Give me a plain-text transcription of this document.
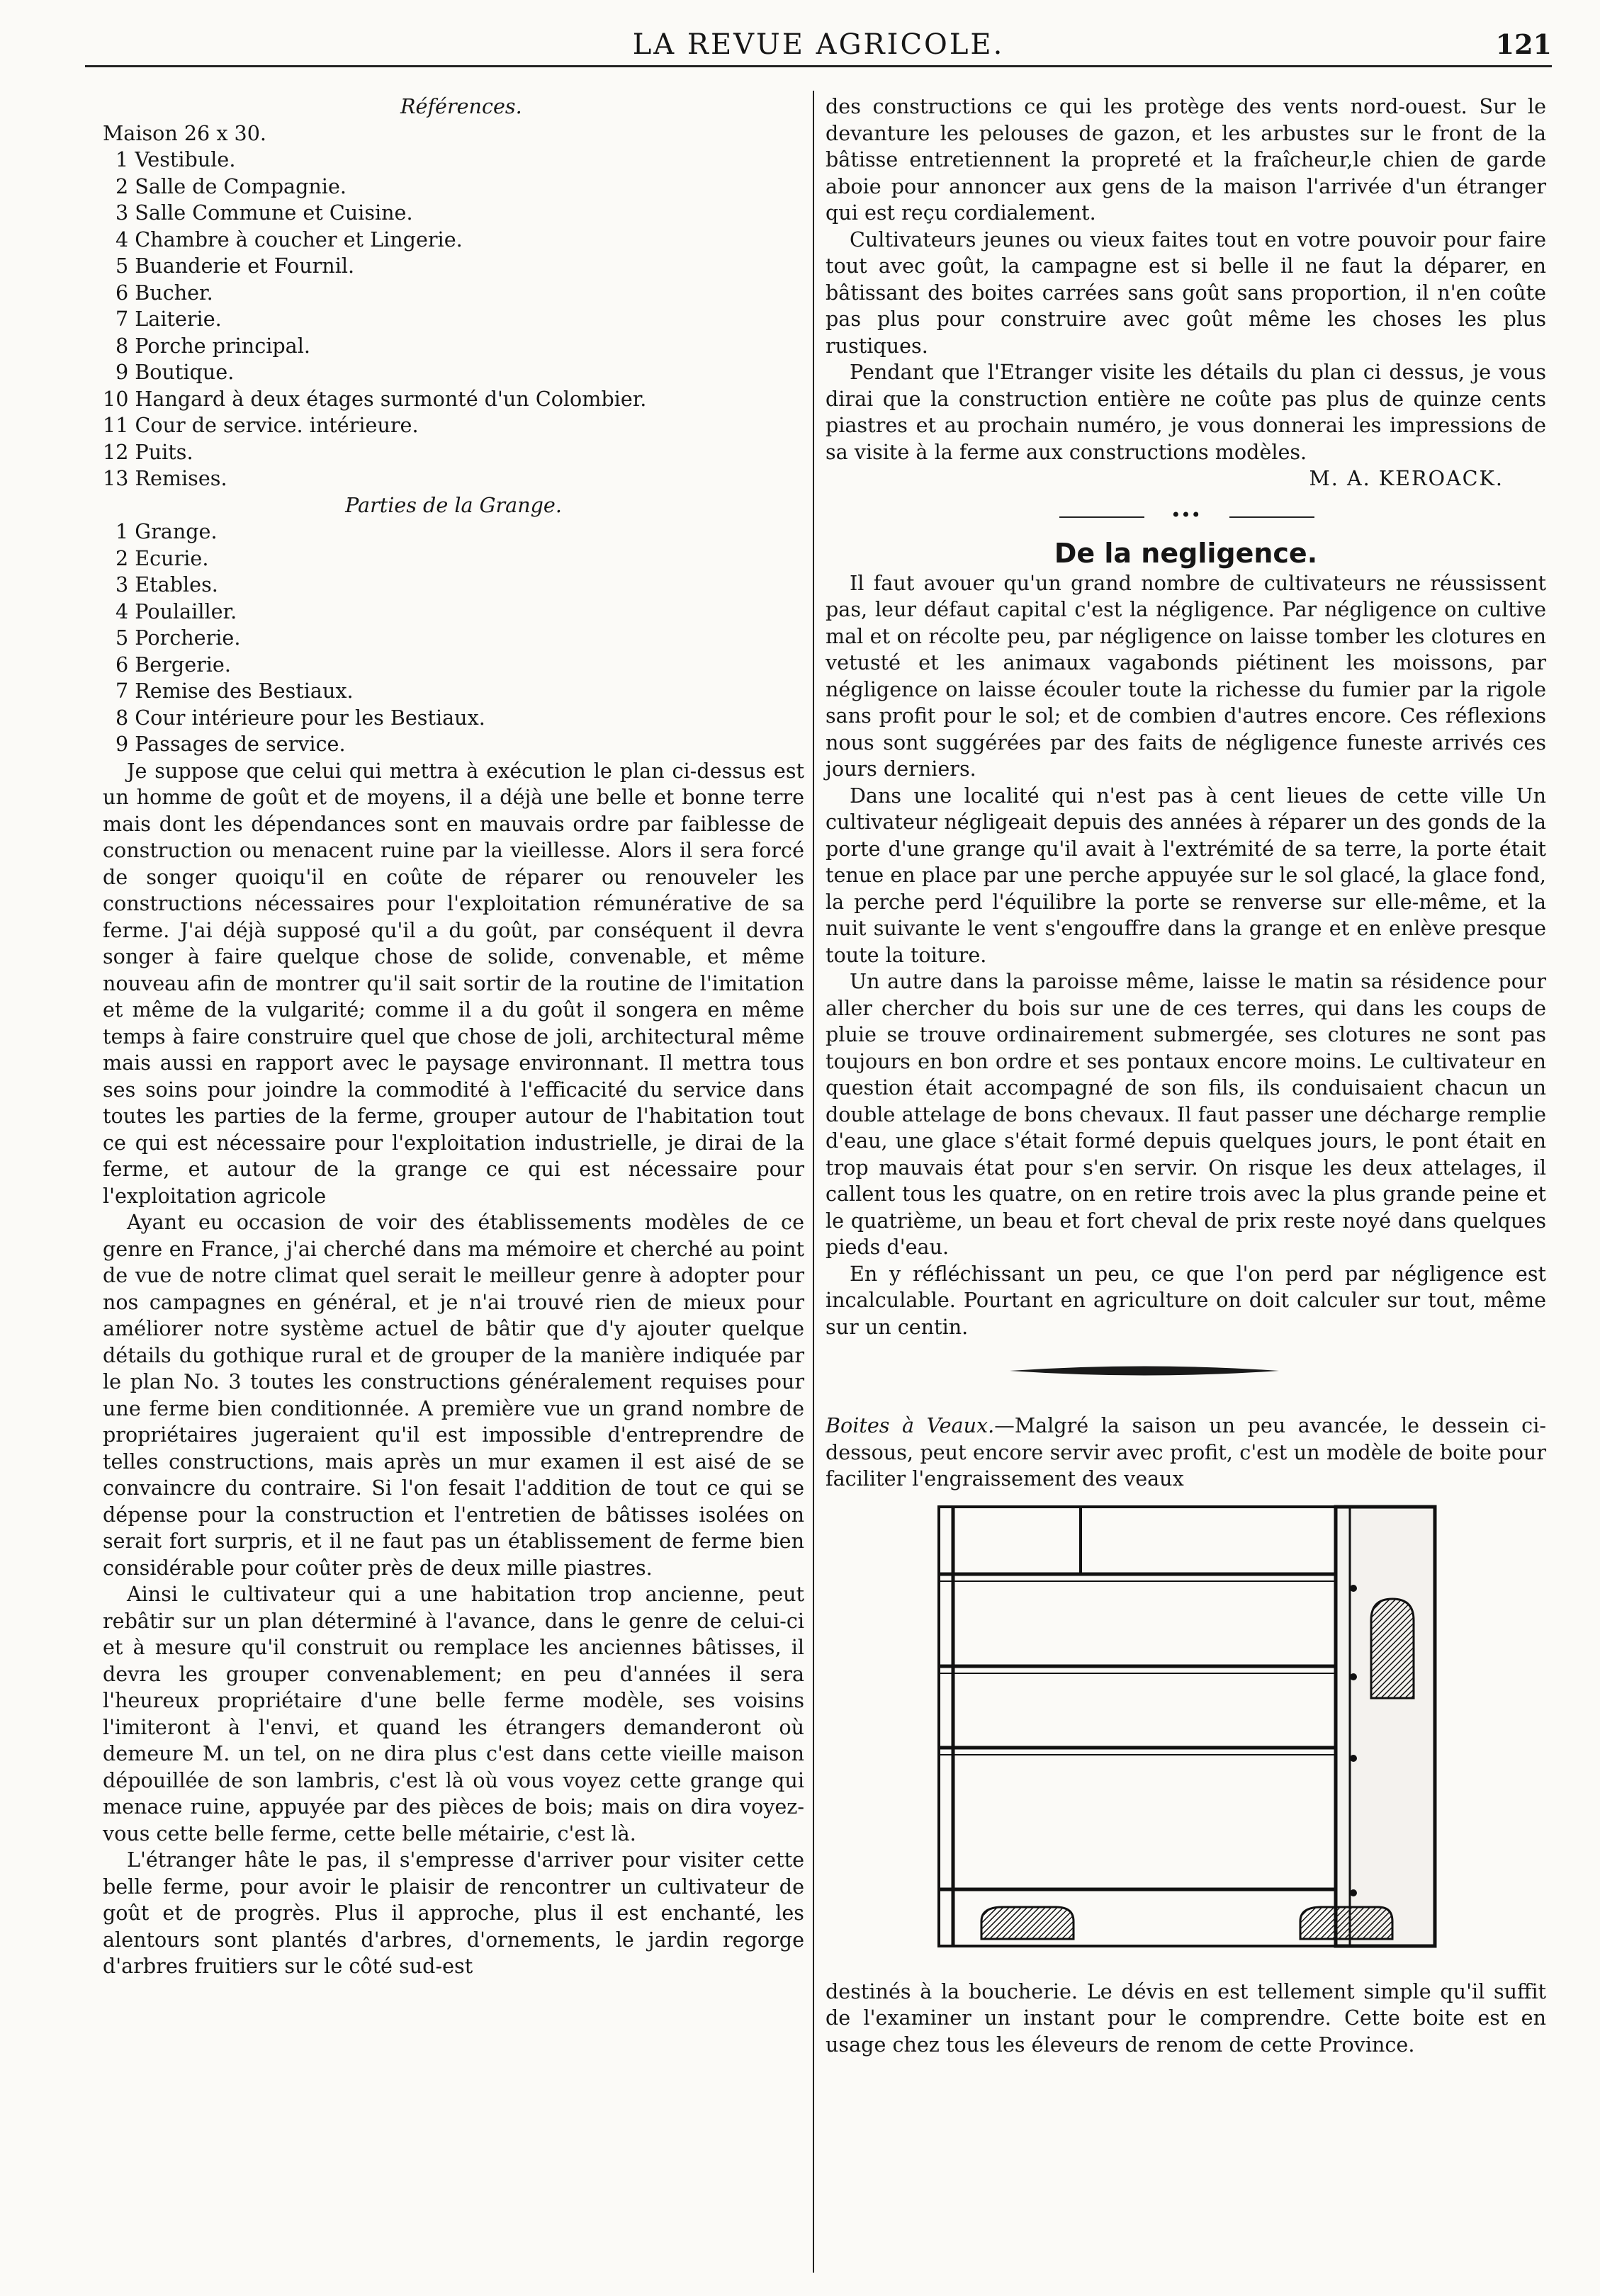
LA REVUE AGRICOLE.	121
Références.
Maison 26 x 30.
1 Vestibule.
2 Salle de Compagnie.
3 Salle Commune et Cuisine.
4 Chambre à coucher et Lingerie.
5 Buanderie et Fournil.
6 Bucher.
7 Laiterie.
8 Porche principal.
9 Boutique.
10 Hangard à deux étages surmonté d'un Colombier.
11 Cour de service. intérieure.
12 Puits.
13 Remises.
Parties de la Grange.
1 Grange.
2 Ecurie.
3 Etables.
4 Poulailler.
5 Porcherie.
6 Bergerie.
7 Remise des Bestiaux.
8 Cour intérieure pour les Bestiaux.
9 Passages de service.

Je suppose que celui qui mettra à exécution le plan ci-dessus est un homme de goût et de moyens, il a déjà une belle et bonne terre mais dont les dépendances sont en mauvais ordre par faiblesse de construction ou menacent ruine par la vieillesse. Alors il sera forcé de songer quoiqu'il en coûte de réparer ou renouveler les constructions nécessaires pour l'exploitation rémunérative de sa ferme. J'ai déjà supposé qu'il a du goût, par conséquent il devra songer à faire quelque chose de solide, convenable, et même nouveau afin de montrer qu'il sait sortir de la routine de l'imitation et même de la vulgarité; comme il a du goût il songera en même temps à faire construire quel que chose de joli, architectural même mais aussi en rapport avec le paysage environnant. Il mettra tous ses soins pour joindre la commodité à l'efficacité du service dans toutes les parties de la ferme, grouper autour de l'habitation tout ce qui est nécessaire pour l'exploitation industrielle, je dirai de la ferme, et autour de la grange ce qui est nécessaire pour l'exploitation agricole

Ayant eu occasion de voir des établissements modèles de ce genre en France, j'ai cherché dans ma mémoire et cherché au point de vue de notre climat quel serait le meilleur genre à adopter pour nos campagnes en général, et je n'ai trouvé rien de mieux pour améliorer notre système actuel de bâtir que d'y ajouter quelque détails du gothique rural et de grouper de la manière indiquée par le plan No. 3 toutes les constructions généralement requises pour une ferme bien conditionnée. A première vue un grand nombre de propriétaires jugeraient qu'il est impossible d'entreprendre de telles constructions, mais après un mur examen il est aisé de se convaincre du contraire. Si l'on fesait l'addition de tout ce qui se dépense pour la construction et l'entretien de bâtisses isolées on serait fort surpris, et il ne faut pas un établissement de ferme bien considérable pour coûter près de deux mille piastres.

Ainsi le cultivateur qui a une habitation trop ancienne, peut rebâtir sur un plan déterminé à l'avance, dans le genre de celui-ci et à mesure qu'il construit ou remplace les anciennes bâtisses, il devra les grouper convenablement; en peu d'années il sera l'heureux propriétaire d'une belle ferme modèle, ses voisins l'imiteront à l'envi, et quand les étrangers demanderont où demeure M. un tel, on ne dira plus c'est dans cette vieille maison dépouillée de son lambris, c'est là où vous voyez cette grange qui menace ruine, appuyée par des pièces de bois; mais on dira voyez-vous cette belle ferme, cette belle métairie, c'est là.

L'étranger hâte le pas, il s'empresse d'arriver pour visiter cette belle ferme, pour avoir le plaisir de rencontrer un cultivateur de goût et de progrès. Plus il approche, plus il est enchanté, les alentours sont plantés d'arbres, d'ornements, le jardin regorge d'arbres fruitiers sur le côté sud-est

des constructions ce qui les protège des vents nord-ouest. Sur le devanture les pelouses de gazon, et les arbustes sur le front de la bâtisse entretiennent la propreté et la fraîcheur,le chien de garde aboie pour annoncer aux gens de la maison l'arrivée d'un étranger qui est reçu cordialement.

Cultivateurs jeunes ou vieux faites tout en votre pouvoir pour faire tout avec goût, la campagne est si belle il ne faut la déparer, en bâtissant des boites carrées sans goût sans proportion, il n'en coûte pas plus pour construire avec goût même les choses les plus rustiques.

Pendant que l'Etranger visite les détails du plan ci dessus, je vous dirai que la construction entière ne coûte pas plus de quinze cents piastres et au prochain numéro, je vous donnerai les impressions de sa visite à la ferme aux constructions modèles.

M. A. KEROACK.
•••
De la negligence.

Il faut avouer qu'un grand nombre de cultivateurs ne réussissent pas, leur défaut capital c'est la négligence. Par négligence on cultive mal et on récolte peu, par négligence on laisse tomber les clotures en vetusté et les animaux vagabonds piétinent les moissons, par négligence on laisse écouler toute la richesse du fumier par la rigole sans profit pour le sol; et de combien d'autres encore. Ces réflexions nous sont suggérées par des faits de négligence funeste arrivés ces jours derniers.

Dans une localité qui n'est pas à cent lieues de cette ville Un cultivateur négligeait depuis des années à réparer un des gonds de la porte d'une grange qu'il avait à l'extrémité de sa terre, la porte était tenue en place par une perche appuyée sur le sol glacé, la glace fond, la perche perd l'équilibre la porte se renverse sur elle-même, et la nuit suivante le vent s'engouffre dans la grange et en enlève presque toute la toiture.

Un autre dans la paroisse même, laisse le matin sa résidence pour aller chercher du bois sur une de ces terres, qui dans les coups de pluie se trouve ordinairement submergée, ses clotures ne sont pas toujours en bon ordre et ses pontaux encore moins. Le cultivateur en question était accompagné de son fils, ils conduisaient chacun un double attelage de bons chevaux. Il faut passer une décharge remplie d'eau, une glace s'était formé depuis quelques jours, le pont était en trop mauvais état pour s'en servir. On risque les deux attelages, il callent tous les quatre, on en retire trois avec la plus grande peine et le quatrième, un beau et fort cheval de prix reste noyé dans quelques pieds d'eau.

En y réfléchissant un peu, ce que l'on perd par négligence est incalculable. Pourtant en agriculture on doit calculer sur tout, même sur un centin.

Boites à Veaux.—Malgré la saison un peu avancée, le dessein ci-dessous, peut encore servir avec profit, c'est un modèle de boite pour faciliter l'engraissement des veaux

destinés à la boucherie. Le dévis en est tellement simple qu'il suffit de l'examiner un instant pour le comprendre. Cette boite est en usage chez tous les éleveurs de renom de cette Province.
